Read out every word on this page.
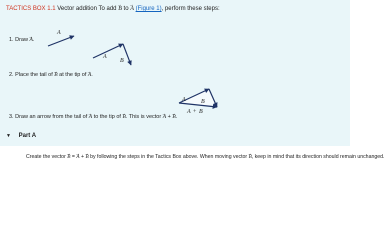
TACTICS BOX 1.1 Vector addition To add → B to → A (Figure 1), perform these steps:
1. Draw → A.
2. Place the tail of → B at the tip of → A.
3. Draw an arrow from the tail of → A to the tip of → B. This is vector → A + → B.
A
A
B
A	B
A + B
▼ Part A
Create the vector → B = → A + → B by following the steps in the Tactics Box above. When moving vector → B, keep in mind that its direction should remain unchanged.
